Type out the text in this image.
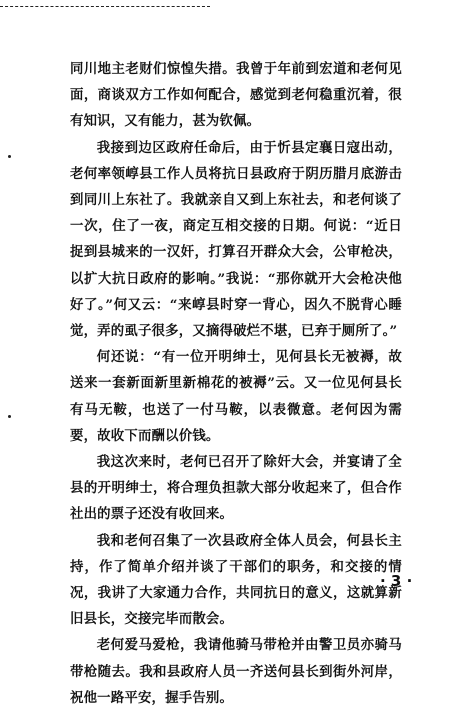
同川地主老财们惊惶失措。我曾于年前到宏道和老何见面，商谈双方工作如何配合，感觉到老何稳重沉着，很有知识，又有能力，甚为钦佩。

我接到边区政府任命后，由于忻县定襄日寇出动，老何率领崞县工作人员将抗日县政府于阴历腊月底游击到同川上东社了。我就亲自又到上东社去，和老何谈了一次，住了一夜，商定互相交接的日期。何说：“近日捉到县城来的一汉奸，打算召开群众大会，公审枪决，以扩大抗日政府的影响。”我说：“那你就开大会枪决他好了。”何又云：“来崞县时穿一背心，因久不脱背心睡觉，弄的虱子很多，又摘得破烂不堪，已弃于厕所了。”

何还说：“有一位开明绅士，见何县长无被褥，故送来一套新面新里新棉花的被褥”云。又一位见何县长有马无鞍，也送了一付马鞍，以表微意。老何因为需要，故收下而酬以价钱。

我这次来时，老何已召开了除奸大会，并宴请了全县的开明绅士，将合理负担款大部分收起来了，但合作社出的票子还没有收回来。

我和老何召集了一次县政府全体人员会，何县长主持，作了简单介绍并谈了干部们的职务，和交接的情况，我讲了大家通力合作，共同抗日的意义，这就算新旧县长，交接完毕而散会。

老何爱马爱枪，我请他骑马带枪并由警卫员亦骑马带枪随去。我和县政府人员一齐送何县长到街外河岸，祝他一路平安，握手告别。

· 3 ·
